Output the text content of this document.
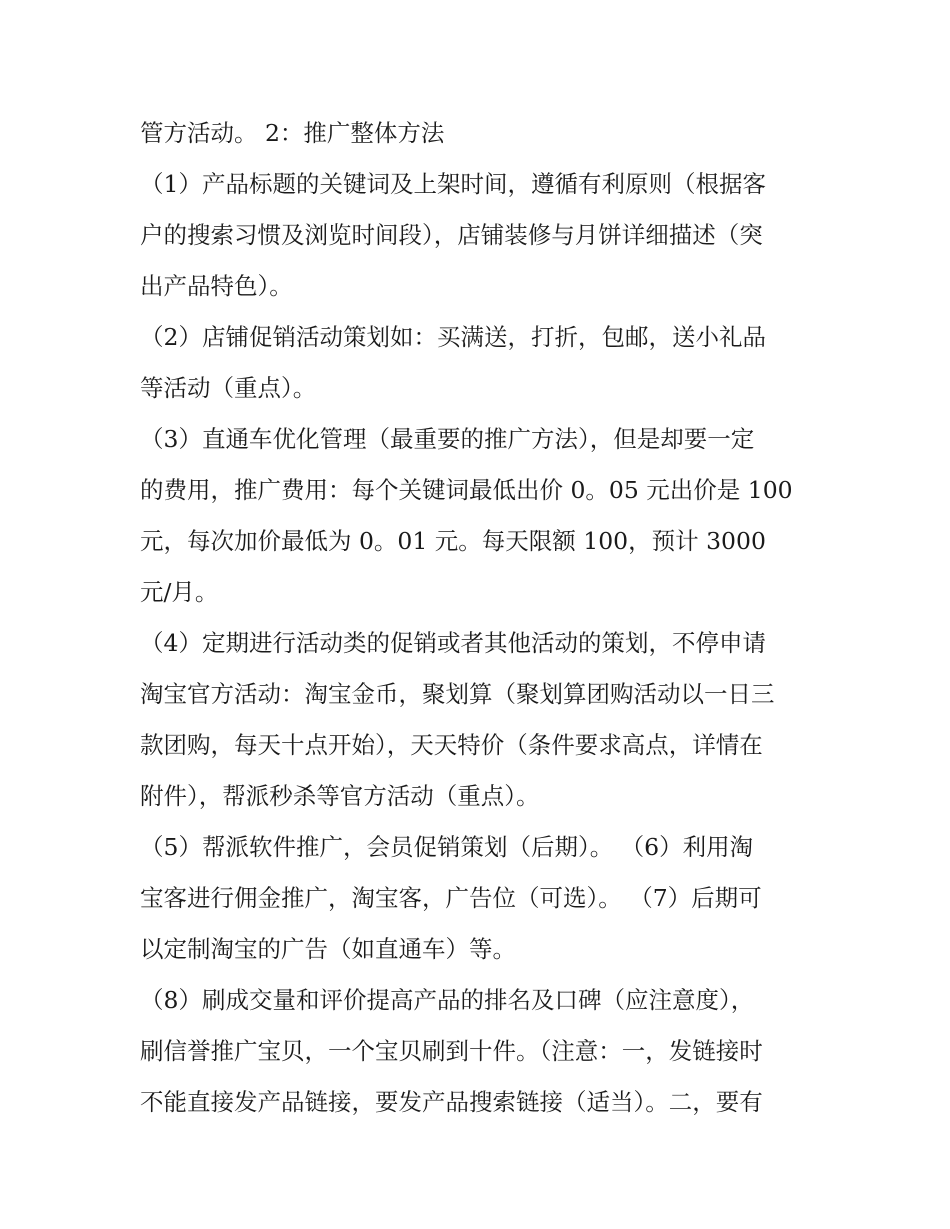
管方活动。 2：推广整体方法
（1）产品标题的关键词及上架时间，遵循有利原则（根据客
户的搜索习惯及浏览时间段），店铺装修与月饼详细描述（突
出产品特色）。
（2）店铺促销活动策划如：买满送，打折，包邮，送小礼品
等活动（重点）。
（3）直通车优化管理（最重要的推广方法），但是却要一定
的费用，推广费用：每个关键词最低出价 0。05 元出价是 100
元，每次加价最低为 0。01 元。每天限额 100，预计 3000
元/月。
（4）定期进行活动类的促销或者其他活动的策划，不停申请
淘宝官方活动：淘宝金币，聚划算（聚划算团购活动以一日三
款团购，每天十点开始），天天特价（条件要求高点，详情在
附件），帮派秒杀等官方活动（重点）。
（5）帮派软件推广，会员促销策划（后期）。 （6）利用淘
宝客进行佣金推广，淘宝客，广告位（可选）。 （7）后期可
以定制淘宝的广告（如直通车）等。
（8）刷成交量和评价提高产品的排名及口碑（应注意度），
刷信誉推广宝贝，一个宝贝刷到十件。（注意：一，发链接时
不能直接发产品链接，要发产品搜索链接（适当）。二，要有
